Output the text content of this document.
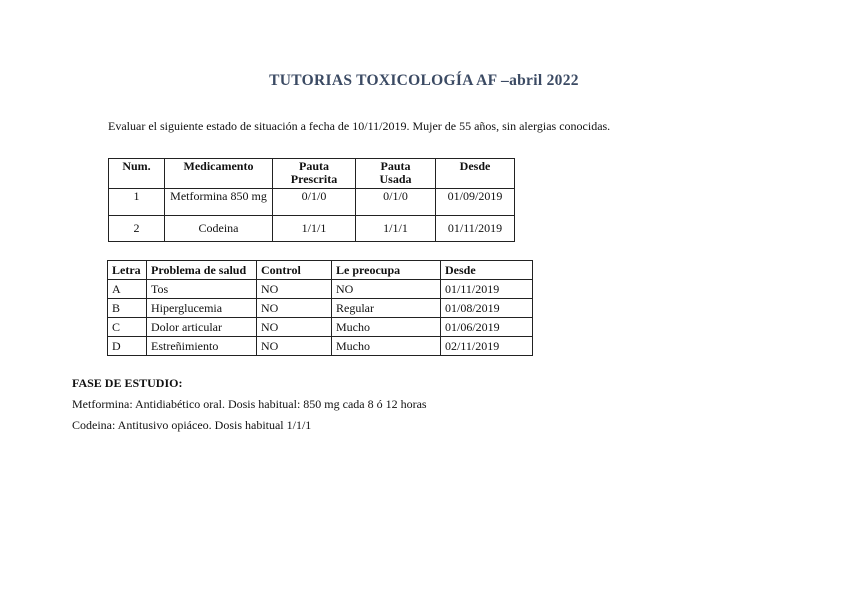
TUTORIAS TOXICOLOGÍA AF –abril 2022
Evaluar el siguiente estado de situación a fecha de 10/11/2019. Mujer de 55 años, sin alergias conocidas.
Num.	Medicamento	Pauta Prescrita	Pauta Usada	Desde
1	Metformina 850 mg	0/1/0	0/1/0	01/09/2019
2	Codeina	1/1/1	1/1/1	01/11/2019
Letra	Problema de salud	Control	Le preocupa	Desde
A	Tos	NO	NO	01/11/2019
B	Hiperglucemia	NO	Regular	01/08/2019
C	Dolor articular	NO	Mucho	01/06/2019
D	Estreñimiento	NO	Mucho	02/11/2019
FASE DE ESTUDIO:
Metformina: Antidiabético oral. Dosis habitual: 850 mg cada 8 ó 12 horas
Codeina: Antitusivo opiáceo. Dosis habitual 1/1/1
